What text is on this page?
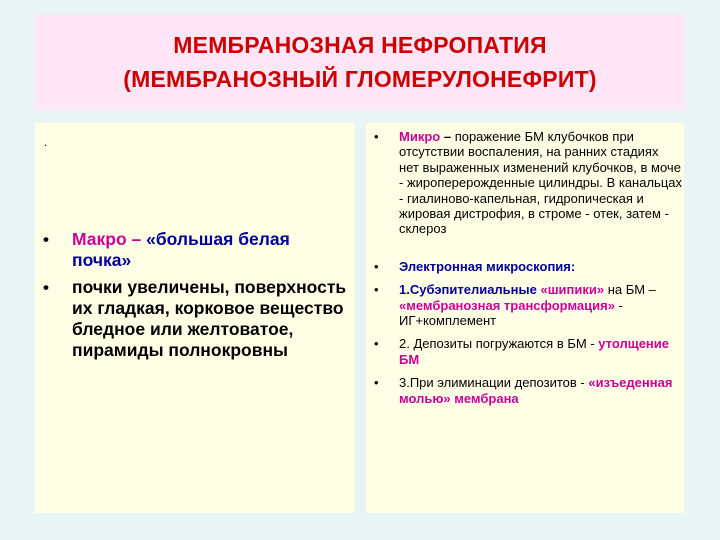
МЕМБРАНОЗНАЯ НЕФРОПАТИЯ
(МЕМБРАНОЗНЫЙ ГЛОМЕРУЛОНЕФРИТ)
.
• Макро – «большая белая почка»
• почки увеличены, поверхность их гладкая, корковое вещество бледное или желтоватое, пирамиды полнокровны
• Микро – поражение БМ клубочков при отсутствии воспаления, на ранних стадиях нет выраженных изменений клубочков, в моче - жироперерожденные цилиндры. В канальцах - гиалиново-капельная, гидропическая и жировая дистрофия, в строме - отек, затем - склероз
• Электронная микроскопия:
• 1.Субэпителиальные «шипики» на БМ – «мембранозная трансформация» - ИГ+комплемент
• 2. Депозиты погружаются в БМ - утолщение БМ
• 3.При элиминации депозитов - «изъеденная молью» мембрана
